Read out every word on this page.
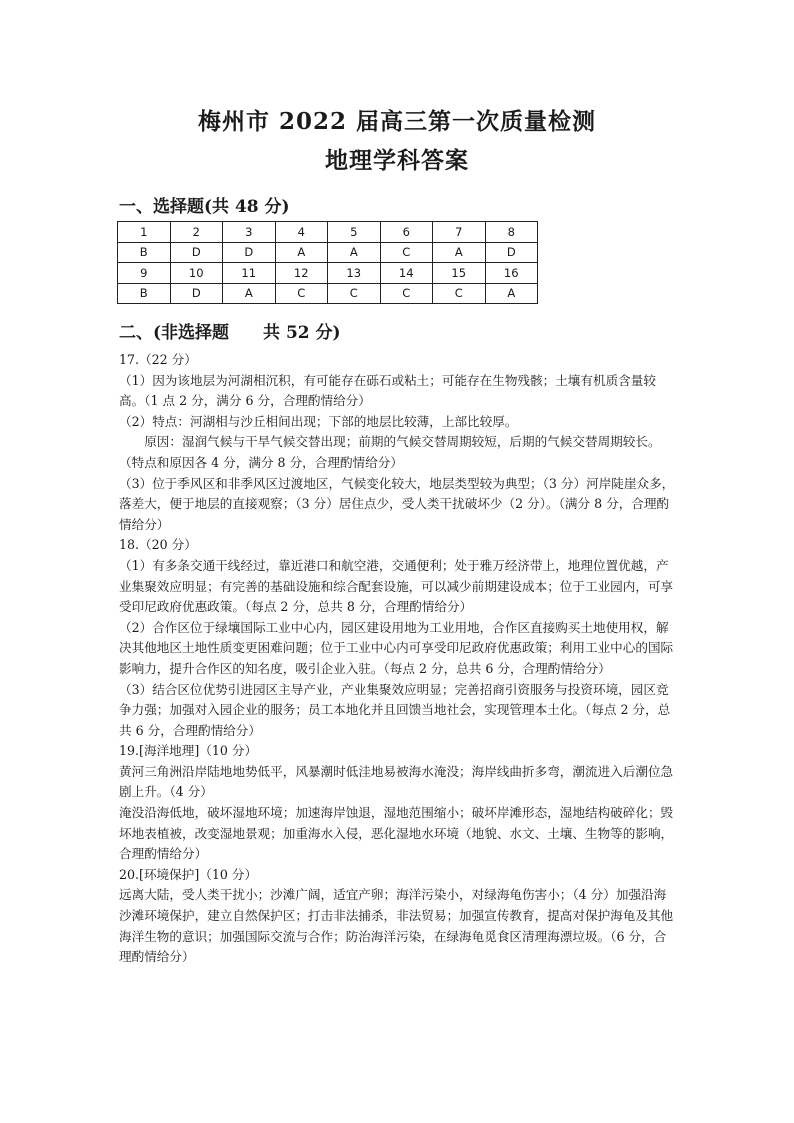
梅州市 2022 届高三第一次质量检测
地理学科答案
一、选择题(共 48 分)
1	2	3	4	5	6	7	8
B	D	D	A	A	C	A	D
9	10	11	12	13	14	15	16
B	D	A	C	C	C	C	A
二、(非选择题　　共 52 分)

17.（22 分）

（1）因为该地层为河湖相沉积，有可能存在砾石或粘土；可能存在生物残骸；土壤有机质含量较高。（1 点 2 分，满分 6 分，合理酌情给分）

（2）特点：河湖相与沙丘相间出现；下部的地层比较薄，上部比较厚。

原因：湿润气候与干旱气候交替出现；前期的气候交替周期较短，后期的气候交替周期较长。（特点和原因各 4 分，满分 8 分，合理酌情给分）

（3）位于季风区和非季风区过渡地区，气候变化较大，地层类型较为典型；（3 分）河岸陡崖众多，落差大，便于地层的直接观察；（3 分）居住点少，受人类干扰破坏少（2 分）。（满分 8 分，合理酌情给分）

18.（20 分）

（1）有多条交通干线经过，靠近港口和航空港，交通便利；处于雅万经济带上，地理位置优越，产业集聚效应明显；有完善的基础设施和综合配套设施，可以减少前期建设成本；位于工业园内，可享受印尼政府优惠政策。（每点 2 分，总共 8 分，合理酌情给分）

（2）合作区位于绿壤国际工业中心内，园区建设用地为工业用地，合作区直接购买土地使用权，解决其他地区土地性质变更困难问题；位于工业中心内可享受印尼政府优惠政策；利用工业中心的国际影响力，提升合作区的知名度，吸引企业入驻。（每点 2 分，总共 6 分，合理酌情给分）

（3）结合区位优势引进园区主导产业，产业集聚效应明显；完善招商引资服务与投资环境，园区竞争力强；加强对入园企业的服务；员工本地化并且回馈当地社会，实现管理本土化。（每点 2 分，总共 6 分，合理酌情给分）

19.[海洋地理]（10 分）

黄河三角洲沿岸陆地地势低平，风暴潮时低洼地易被海水淹没；海岸线曲折多弯，潮流进入后潮位急剧上升。（4 分）

淹没沿海低地，破坏湿地环境；加速海岸蚀退，湿地范围缩小；破坏岸滩形态，湿地结构破碎化；毁坏地表植被，改变湿地景观；加重海水入侵，恶化湿地水环境（地貌、水文、土壤、生物等的影响，合理酌情给分）

20.[环境保护]（10 分）

远离大陆，受人类干扰小；沙滩广阔，适宜产卵；海洋污染小，对绿海龟伤害小；（4 分）加强沿海沙滩环境保护，建立自然保护区；打击非法捕杀，非法贸易；加强宣传教育，提高对保护海龟及其他海洋生物的意识；加强国际交流与合作；防治海洋污染，在绿海龟觅食区清理海漂垃圾。（6 分，合理酌情给分）
